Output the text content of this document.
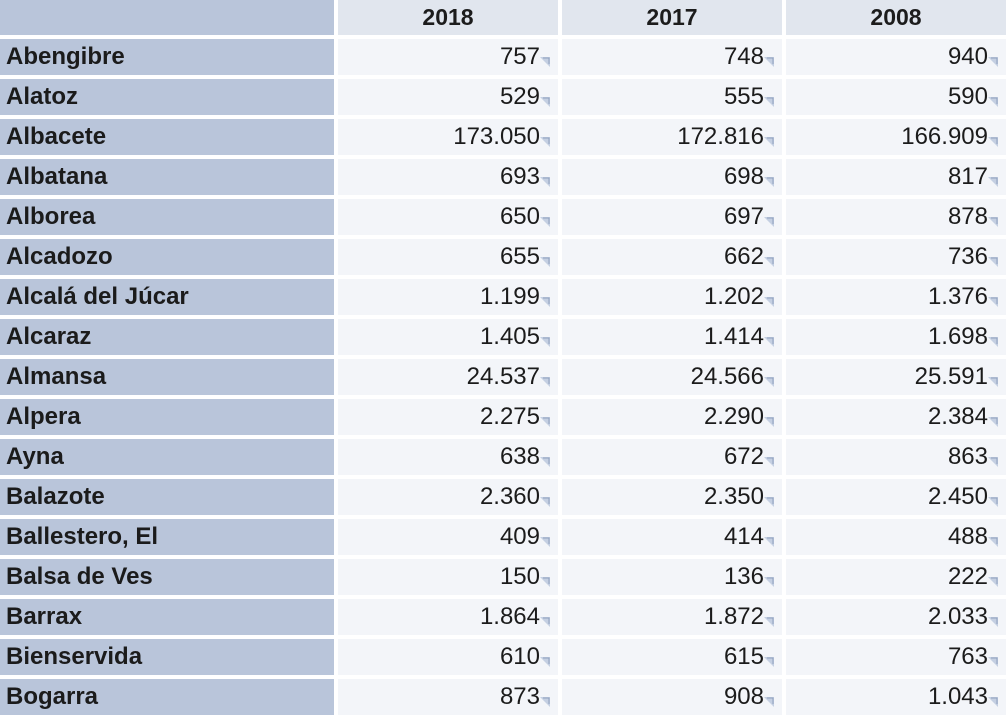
	2018	2017	2008
Abengibre	757	748	940
Alatoz	529	555	590
Albacete	173.050	172.816	166.909
Albatana	693	698	817
Alborea	650	697	878
Alcadozo	655	662	736
Alcalá del Júcar	1.199	1.202	1.376
Alcaraz	1.405	1.414	1.698
Almansa	24.537	24.566	25.591
Alpera	2.275	2.290	2.384
Ayna	638	672	863
Balazote	2.360	2.350	2.450
Ballestero, El	409	414	488
Balsa de Ves	150	136	222
Barrax	1.864	1.872	2.033
Bienservida	610	615	763
Bogarra	873	908	1.043
